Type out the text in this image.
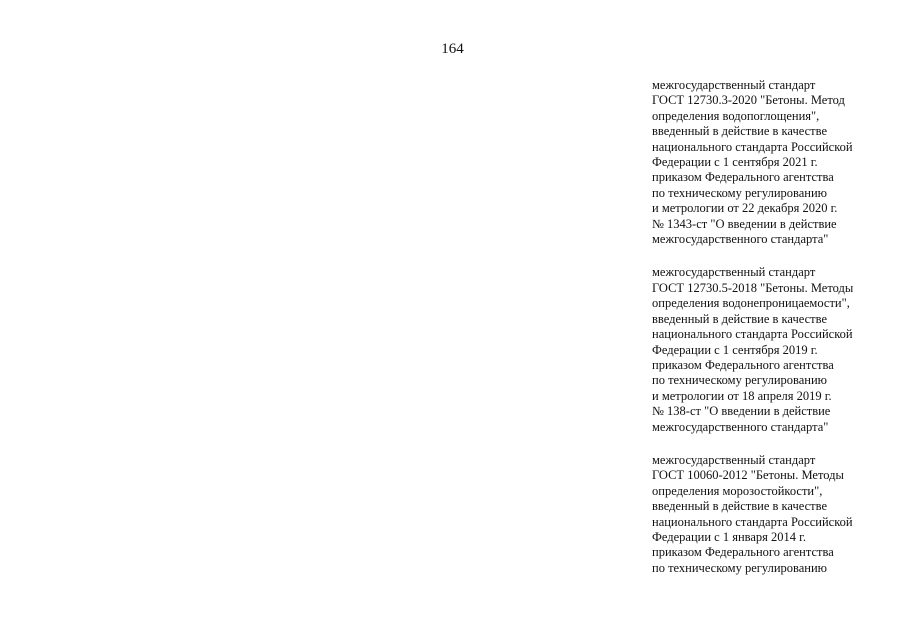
164
межгосударственный стандарт
ГОСТ 12730.3-2020 "Бетоны. Метод
определения водопоглощения",
введенный в действие в качестве
национального стандарта Российской
Федерации с 1 сентября 2021 г.
приказом Федерального агентства
по техническому регулированию
и метрологии от 22 декабря 2020 г.
№ 1343-ст "О введении в действие
межгосударственного стандарта"
межгосударственный стандарт
ГОСТ 12730.5-2018 "Бетоны. Методы
определения водонепроницаемости",
введенный в действие в качестве
национального стандарта Российской
Федерации с 1 сентября 2019 г.
приказом Федерального агентства
по техническому регулированию
и метрологии от 18 апреля 2019 г.
№ 138-ст "О введении в действие
межгосударственного стандарта"
межгосударственный стандарт
ГОСТ 10060-2012 "Бетоны. Методы
определения морозостойкости",
введенный в действие в качестве
национального стандарта Российской
Федерации с 1 января 2014 г.
приказом Федерального агентства
по техническому регулированию
